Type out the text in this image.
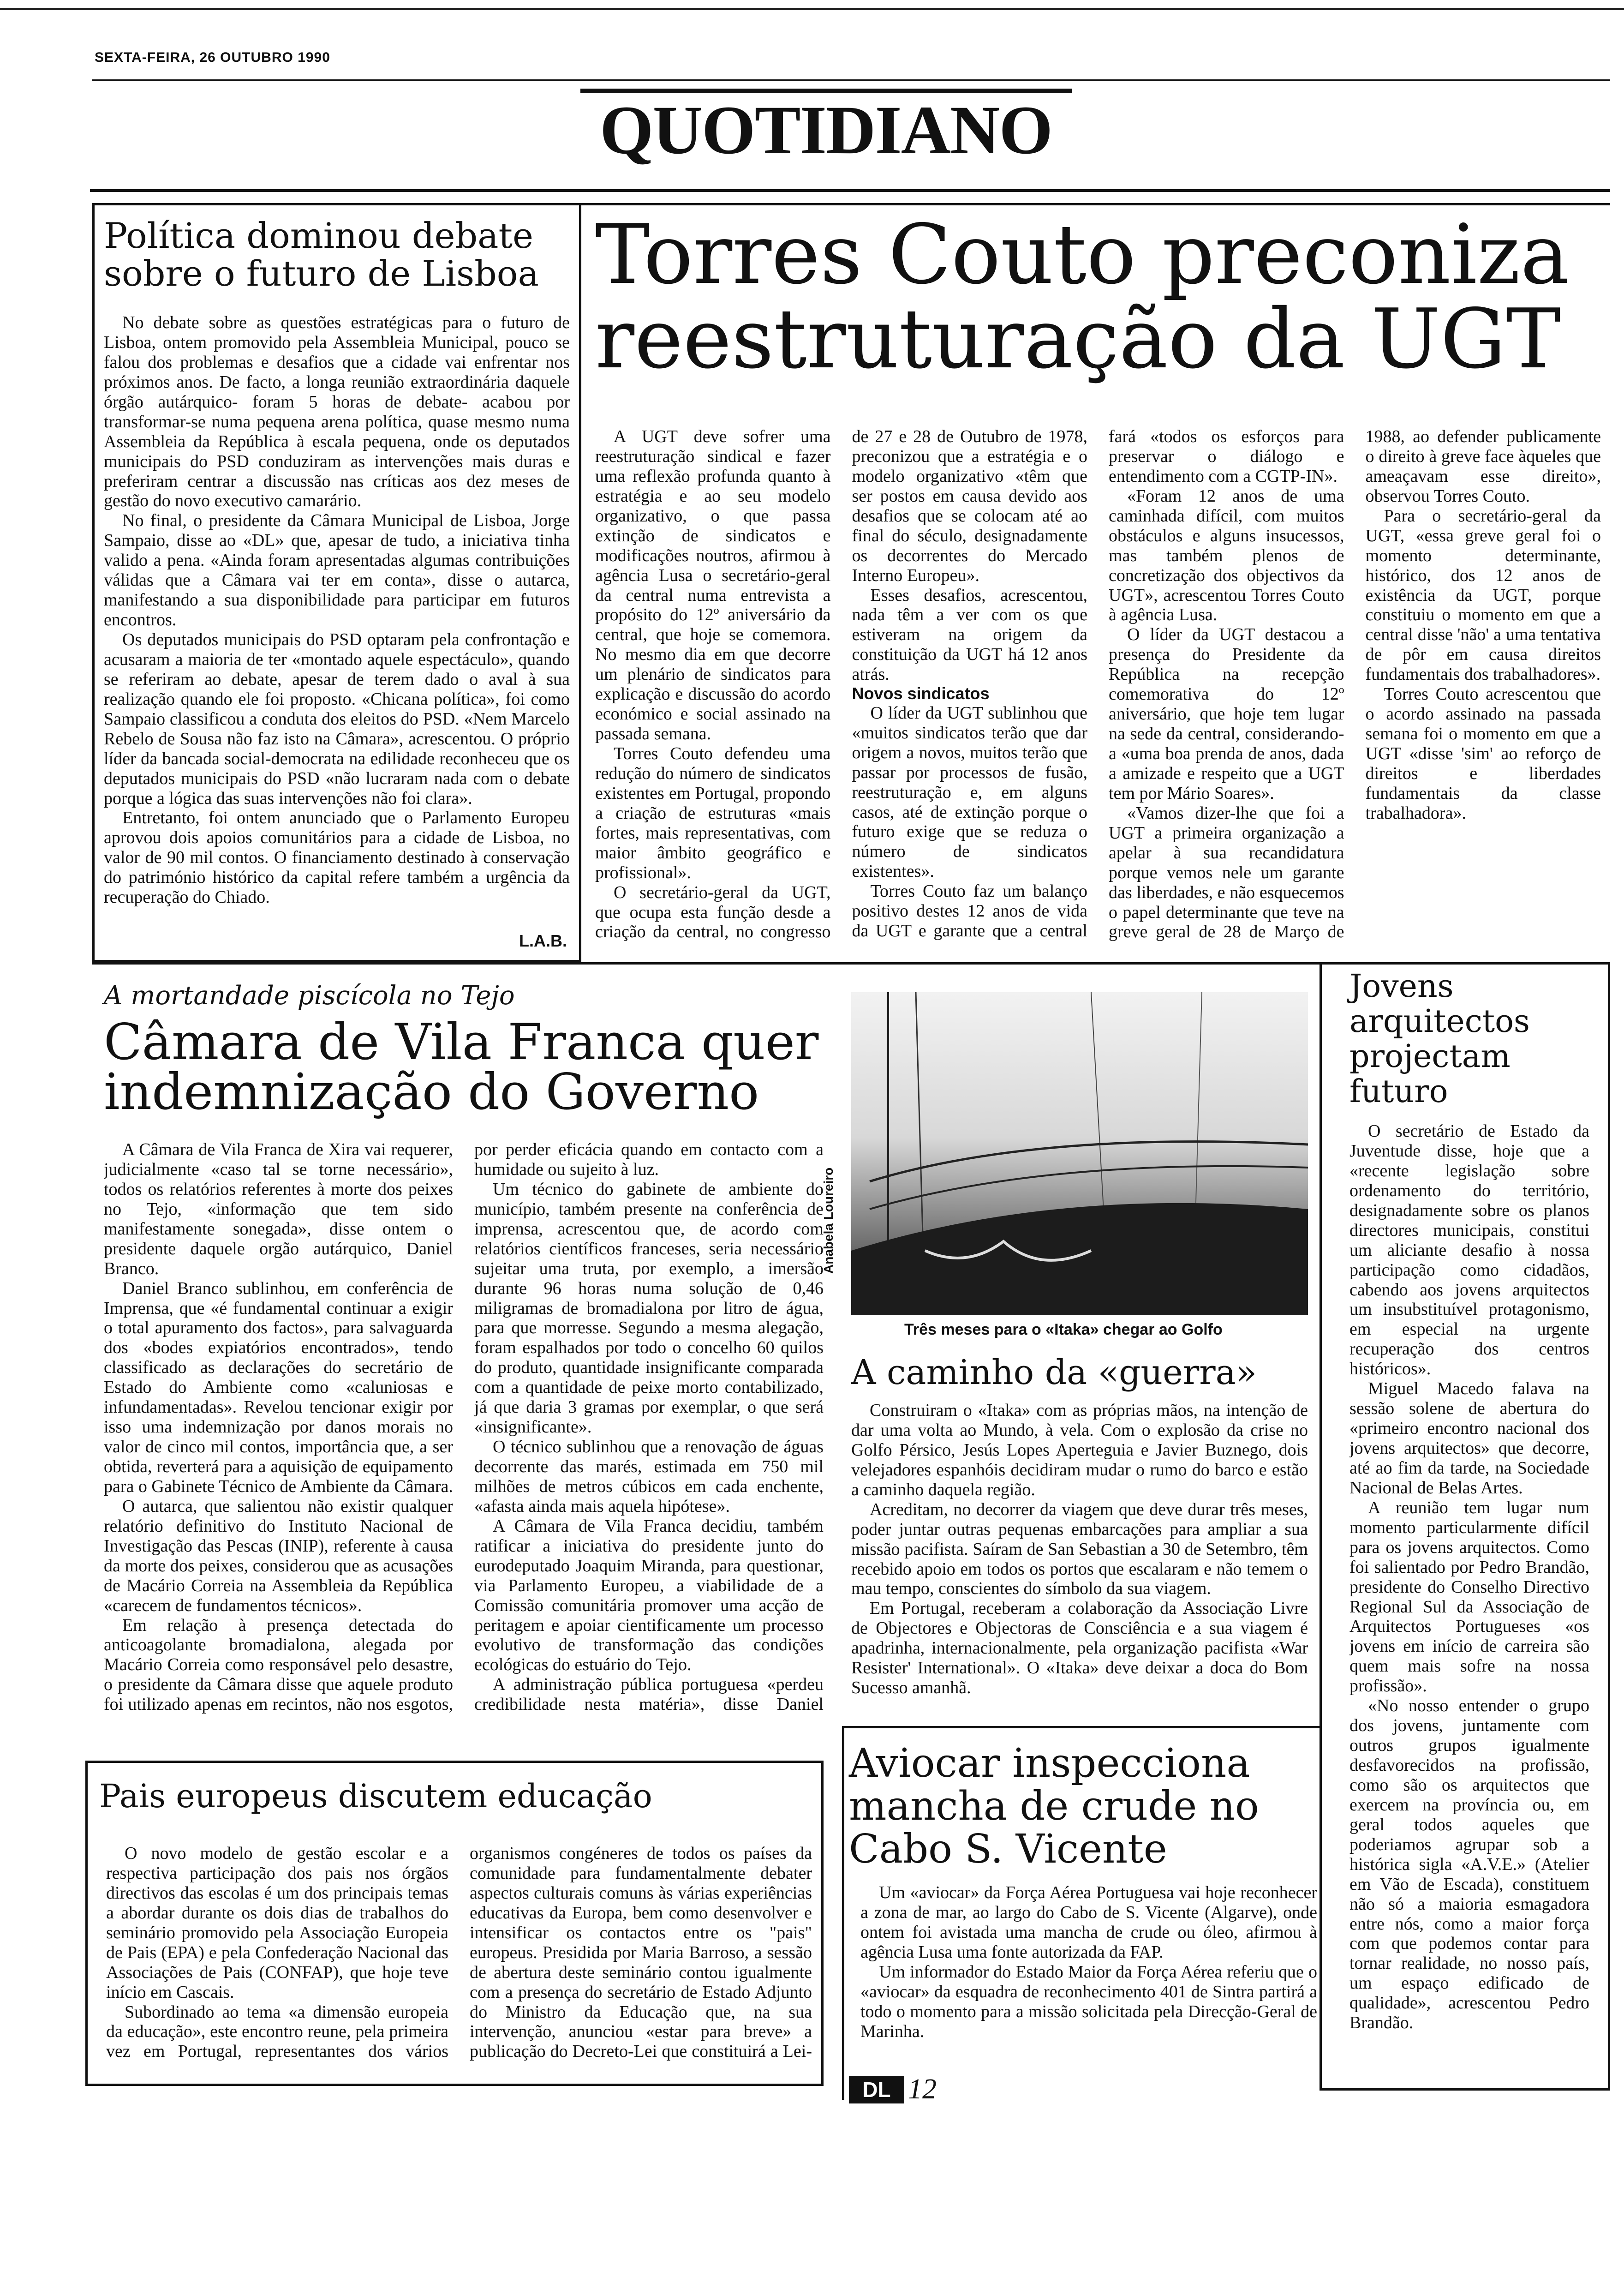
SEXTA-FEIRA, 26 OUTUBRO 1990
QUOTIDIANO
Política dominou debate sobre o futuro de Lisboa

No debate sobre as questões estratégicas para o futuro de Lisboa, ontem promovido pela Assembleia Municipal, pouco se falou dos problemas e desafios que a cidade vai enfrentar nos próximos anos. De facto, a longa reunião extraordinária daquele órgão autárquico- foram 5 horas de debate- acabou por transformar-se numa pequena arena política, quase mesmo numa Assembleia da República à escala pequena, onde os deputados municipais do PSD conduziram as intervenções mais duras e preferiram centrar a discussão nas críticas aos dez meses de gestão do novo executivo camarário.

No final, o presidente da Câmara Municipal de Lisboa, Jorge Sampaio, disse ao «DL» que, apesar de tudo, a iniciativa tinha valido a pena. «Ainda foram apresentadas algumas contribuições válidas que a Câmara vai ter em conta», disse o autarca, manifestando a sua disponibilidade para participar em futuros encontros.

Os deputados municipais do PSD optaram pela confrontação e acusaram a maioria de ter «montado aquele espectáculo», quando se referiram ao debate, apesar de terem dado o aval à sua realização quando ele foi proposto. «Chicana política», foi como Sampaio classificou a conduta dos eleitos do PSD. «Nem Marcelo Rebelo de Sousa não faz isto na Câmara», acrescentou. O próprio líder da bancada social-democrata na edilidade reconheceu que os deputados municipais do PSD «não lucraram nada com o debate porque a lógica das suas intervenções não foi clara».

Entretanto, foi ontem anunciado que o Parlamento Europeu aprovou dois apoios comunitários para a cidade de Lisboa, no valor de 90 mil contos. O financiamento destinado à conservação do património histórico da capital refere também a urgência da recuperação do Chiado.

L.A.B.
Torres Couto preconiza reestruturação da UGT

A UGT deve sofrer uma reestruturação sindical e fazer uma reflexão profunda quanto à estratégia e ao seu modelo organizativo, o que passa extinção de sindicatos e modificações noutros, afirmou à agência Lusa o secretário-geral da central numa entrevista a propósito do 12º aniversário da central, que hoje se comemora. No mesmo dia em que decorre um plenário de sindicatos para explicação e discussão do acordo económico e social assinado na passada semana.

Torres Couto defendeu uma redução do número de sindicatos existentes em Portugal, propondo a criação de estruturas «mais fortes, mais representativas, com maior âmbito geográfico e profissional».

O secretário-geral da UGT, que ocupa esta função desde a criação da central, no congresso de 27 e 28 de Outubro de 1978, preconizou que a estratégia e o modelo organizativo «têm que ser postos em causa devido aos desafios que se colocam até ao final do século, designadamente os decorrentes do Mercado Interno Europeu».

Esses desafios, acrescentou, nada têm a ver com os que estiveram na origem da constituição da UGT há 12 anos atrás.

Novos sindicatos

O líder da UGT sublinhou que «muitos sindicatos terão que dar origem a novos, muitos terão que passar por processos de fusão, reestruturação e, em alguns casos, até de extinção porque o futuro exige que se reduza o número de sindicatos existentes».

Torres Couto faz um balanço positivo destes 12 anos de vida da UGT e garante que a central fará «todos os esforços para preservar o diálogo e entendimento com a CGTP-IN».

«Foram 12 anos de uma caminhada difícil, com muitos obstáculos e alguns insucessos, mas também plenos de concretização dos objectivos da UGT», acrescentou Torres Couto à agência Lusa.

O líder da UGT destacou a presença do Presidente da República na recepção comemorativa do 12º aniversário, que hoje tem lugar na sede da central, considerando-a «uma boa prenda de anos, dada a amizade e respeito que a UGT tem por Mário Soares».

«Vamos dizer-lhe que foi a UGT a primeira organização a apelar à sua recandidatura porque vemos nele um garante das liberdades, e não esquecemos o papel determinante que teve na greve geral de 28 de Março de 1988, ao defender publicamente o direito à greve face àqueles que ameaçavam esse direito», observou Torres Couto.

Para o secretário-geral da UGT, «essa greve geral foi o momento determinante, histórico, dos 12 anos de existência da UGT, porque constituiu o momento em que a central disse 'não' a uma tentativa de pôr em causa direitos fundamentais dos trabalhadores».

Torres Couto acrescentou que o acordo assinado na passada semana foi o momento em que a UGT «disse 'sim' ao reforço de direitos e liberdades fundamentais da classe trabalhadora».

A mortandade piscícola no Tejo
Câmara de Vila Franca quer indemnização do Governo

A Câmara de Vila Franca de Xira vai requerer, judicialmente «caso tal se torne necessário», todos os relatórios referentes à morte dos peixes no Tejo, «informação que tem sido manifestamente sonegada», disse ontem o presidente daquele orgão autárquico, Daniel Branco.

Daniel Branco sublinhou, em conferência de Imprensa, que «é fundamental continuar a exigir o total apuramento dos factos», para salvaguarda dos «bodes expiatórios encontrados», tendo classificado as declarações do secretário de Estado do Ambiente como «caluniosas e infundamentadas». Revelou tencionar exigir por isso uma indemnização por danos morais no valor de cinco mil contos, importância que, a ser obtida, reverterá para a aquisição de equipamento para o Gabinete Técnico de Ambiente da Câmara.

O autarca, que salientou não existir qualquer relatório definitivo do Instituto Nacional de Investigação das Pescas (INIP), referente à causa da morte dos peixes, considerou que as acusações de Macário Correia na Assembleia da República «carecem de fundamentos técnicos».

Em relação à presença detectada do anticoagolante bromadialona, alegada por Macário Correia como responsável pelo desastre, o presidente da Câmara disse que aquele produto foi utilizado apenas em recintos, não nos esgotos, por perder eficácia quando em contacto com a humidade ou sujeito à luz.

Um técnico do gabinete de ambiente do município, também presente na conferência de imprensa, acrescentou que, de acordo com relatórios científicos franceses, seria necessário sujeitar uma truta, por exemplo, a imersão durante 96 horas numa solução de 0,46 miligramas de bromadialona por litro de água, para que morresse. Segundo a mesma alegação, foram espalhados por todo o concelho 60 quilos do produto, quantidade insignificante comparada com a quantidade de peixe morto contabilizado, já que daria 3 gramas por exemplar, o que será «insignificante».

O técnico sublinhou que a renovação de águas decorrente das marés, estimada em 750 mil milhões de metros cúbicos em cada enchente, «afasta ainda mais aquela hipótese».

A Câmara de Vila Franca decidiu, também ratificar a iniciativa do presidente junto do eurodeputado Joaquim Miranda, para questionar, via Parlamento Europeu, a viabilidade de a Comissão comunitária promover uma acção de peritagem e apoiar cientificamente um processo evolutivo de transformação das condições ecológicas do estuário do Tejo.

A administração pública portuguesa «perdeu credibilidade nesta matéria», disse Daniel

Anabela Loureiro
Três meses para o «Itaka» chegar ao Golfo
A caminho da «guerra»

Construiram o «Itaka» com as próprias mãos, na intenção de dar uma volta ao Mundo, à vela. Com o explosão da crise no Golfo Pérsico, Jesús Lopes Aperteguia e Javier Buznego, dois velejadores espanhóis decidiram mudar o rumo do barco e estão a caminho daquela região.

Acreditam, no decorrer da viagem que deve durar três meses, poder juntar outras pequenas embarcações para ampliar a sua missão pacifista. Saíram de San Sebastian a 30 de Setembro, têm recebido apoio em todos os portos que escalaram e não temem o mau tempo, conscientes do símbolo da sua viagem.

Em Portugal, receberam a colaboração da Associação Livre de Objectores e Objectoras de Consciência e a sua viagem é apadrinha, internacionalmente, pela organização pacifista «War Resister' International». O «Itaka» deve deixar a doca do Bom Sucesso amanhã.

Jovens arquitectos projectam futuro

O secretário de Estado da Juventude disse, hoje que a «recente legislação sobre ordenamento do território, designadamente sobre os planos directores municipais, constitui um aliciante desafio à nossa participação como cidadãos, cabendo aos jovens arquitectos um insubstituível protagonismo, em especial na urgente recuperação dos centros históricos».

Miguel Macedo falava na sessão solene de abertura do «primeiro encontro nacional dos jovens arquitectos» que decorre, até ao fim da tarde, na Sociedade Nacional de Belas Artes.

A reunião tem lugar num momento particularmente difícil para os jovens arquitectos. Como foi salientado por Pedro Brandão, presidente do Conselho Directivo Regional Sul da Associação de Arquitectos Portugueses «os jovens em início de carreira são quem mais sofre na nossa profissão».

«No nosso entender o grupo dos jovens, juntamente com outros grupos igualmente desfavorecidos na profissão, como são os arquitectos que exercem na província ou, em geral todos aqueles que poderiamos agrupar sob a histórica sigla «A.V.E.» (Atelier em Vão de Escada), constituem não só a maioria esmagadora entre nós, como a maior força com que podemos contar para tornar realidade, no nosso país, um espaço edificado de qualidade», acrescentou Pedro Brandão.

Pais europeus discutem educação

O novo modelo de gestão escolar e a respectiva participação dos pais nos órgãos directivos das escolas é um dos principais temas a abordar durante os dois dias de trabalhos do seminário promovido pela Associação Europeia de Pais (EPA) e pela Confederação Nacional das Associações de Pais (CONFAP), que hoje teve início em Cascais.

Subordinado ao tema «a dimensão europeia da educação», este encontro reune, pela primeira vez em Portugal, representantes dos vários organismos congéneres de todos os países da comunidade para fundamentalmente debater aspectos culturais comuns às várias experiências educativas da Europa, bem como desenvolver e intensificar os contactos entre os "pais" europeus. Presidida por Maria Barroso, a sessão de abertura deste seminário contou igualmente com a presença do secretário de Estado Adjunto do Ministro da Educação que, na sua intervenção, anunciou «estar para breve» a publicação do Decreto-Lei que constituirá a Lei-

Aviocar inspecciona mancha de crude no Cabo S. Vicente

Um «aviocar» da Força Aérea Portuguesa vai hoje reconhecer a zona de mar, ao largo do Cabo de S. Vicente (Algarve), onde ontem foi avistada uma mancha de crude ou óleo, afirmou à agência Lusa uma fonte autorizada da FAP.

Um informador do Estado Maior da Força Aérea referiu que o «aviocar» da esquadra de reconhecimento 401 de Sintra partirá a todo o momento para a missão solicitada pela Direcção-Geral de Marinha.

DL 12
